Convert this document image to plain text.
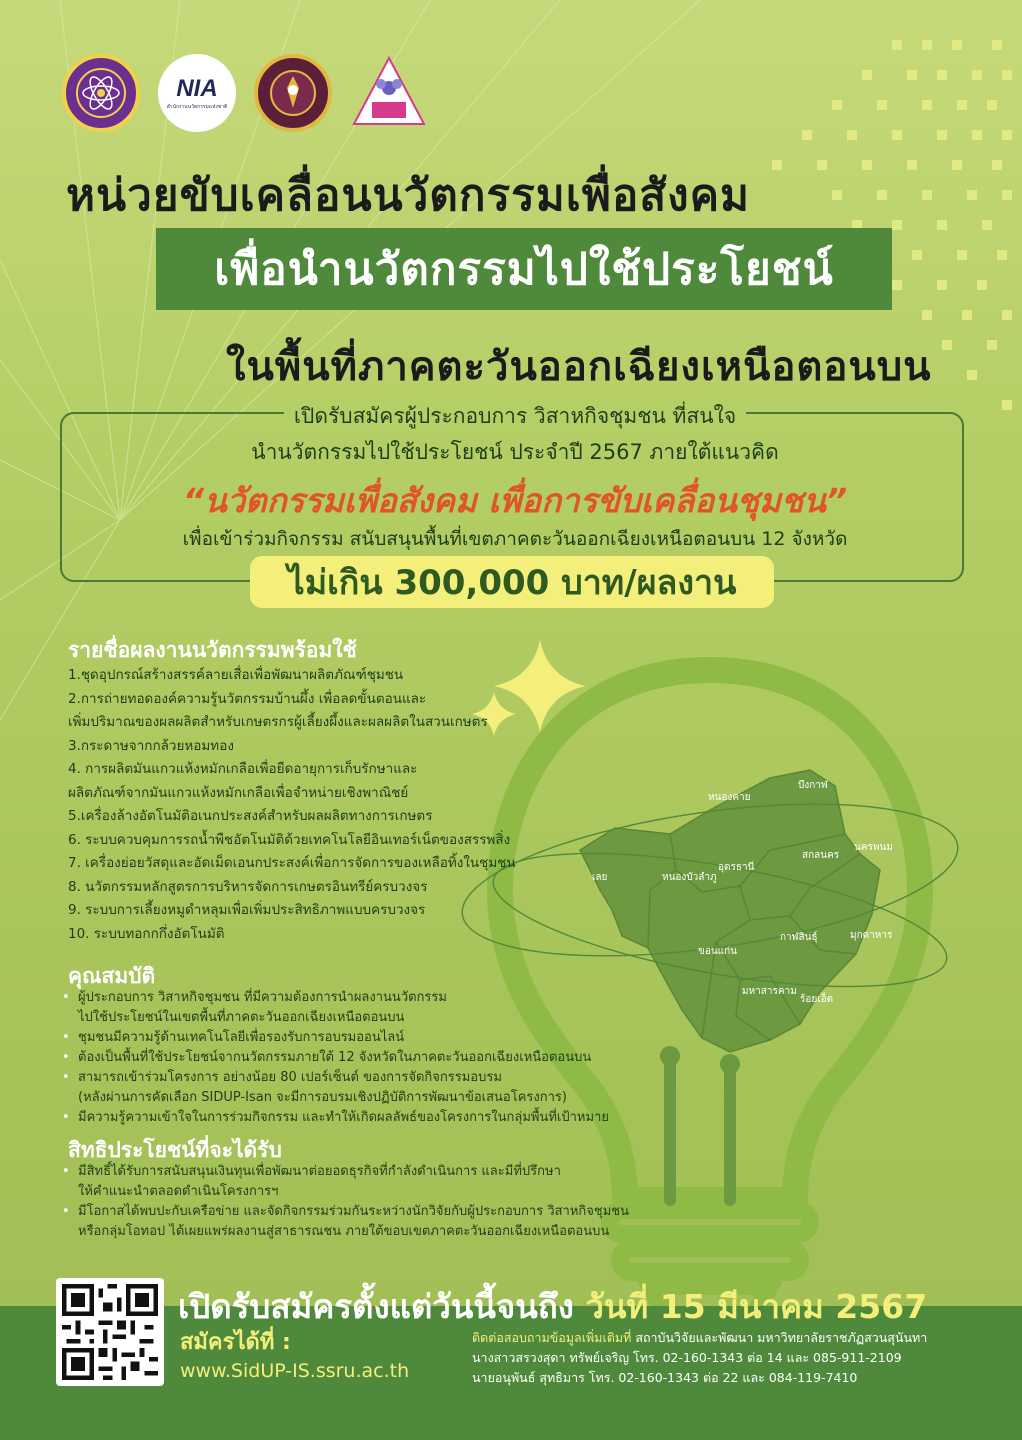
NIA
สำนักงานนวัตกรรมแห่งชาติ
หน่วยขับเคลื่อนนวัตกรรมเพื่อสังคม
เพื่อนำนวัตกรรมไปใช้ประโยชน์
ในพื้นที่ภาคตะวันออกเฉียงเหนือตอนบน
เปิดรับสมัครผู้ประกอบการ วิสาหกิจชุมชน ที่สนใจ
นำนวัตกรรมไปใช้ประโยชน์ ประจำปี 2567 ภายใต้แนวคิด
“นวัตกรรมเพื่อสังคม เพื่อการขับเคลื่อนชุมชน”
เพื่อเข้าร่วมกิจกรรม สนับสนุนพื้นที่เขตภาคตะวันออกเฉียงเหนือตอนบน 12 จังหวัด
ไม่เกิน 300,000 บาท/ผลงาน
หนองคาย
บึงกาฬ
นครพนม
สกลนคร
อุดรธานี
เลย	หนองบัวลำภู
ขอนแก่น
กาฬสินธุ์	มุกดาหาร
มหาสารคาม
ร้อยเอ็ด
รายชื่อผลงานนวัตกรรมพร้อมใช้
1.ชุดอุปกรณ์สร้างสรรค์ลายเสื่อเพื่อพัฒนาผลิตภัณฑ์ชุมชน
2.การถ่ายทอดองค์ความรู้นวัตกรรมบ้านผึ้ง เพื่อลดขั้นตอนและ
เพิ่มปริมาณของผลผลิตสำหรับเกษตรกรผู้เลี้ยงผึ้งและผลผลิตในสวนเกษตร
3.กระดาษจากกล้วยหอมทอง
4. การผลิตมันแกวแห้งหมักเกลือเพื่อยืดอายุการเก็บรักษาและ
ผลิตภัณฑ์จากมันแกวแห้งหมักเกลือเพื่อจำหน่ายเชิงพาณิชย์
5.เครื่องล้างอัตโนมัติอเนกประสงค์สำหรับผลผลิตทางการเกษตร
6. ระบบควบคุมการรถน้ำพืชอัตโนมัติด้วยเทคโนโลยีอินเทอร์เน็ตของสรรพสิ่ง
7. เครื่องย่อยวัสดุและอัดเม็ดเอนกประสงค์เพื่อการจัดการของเหลือทิ้งในชุมชน
8. นวัตกรรมหลักสูตรการบริหารจัดการเกษตรอินทรีย์ครบวงจร
9. ระบบการเลี้ยงหมูดำหลุมเพื่อเพิ่มประสิทธิภาพแบบครบวงจร
10. ระบบทอกกกึ่งอัตโนมัติ
คุณสมบัติ
• ผู้ประกอบการ วิสาหกิจชุมชน ที่มีความต้องการนำผลงานนวัตกรรม
ไปใช้ประโยชน์ในเขตพื้นที่ภาคตะวันออกเฉียงเหนือตอนบน
• ชุมชนมีความรู้ด้านเทคโนโลยีเพื่อรองรับการอบรมออนไลน์
• ต้องเป็นพื้นที่ใช้ประโยชน์จากนวัตกรรมภายใต้ 12 จังหวัดในภาคตะวันออกเฉียงเหนือตอนบน
• สามารถเข้าร่วมโครงการ อย่างน้อย 80 เปอร์เซ็นต์ ของการจัดกิจกรรมอบรม
(หลังผ่านการคัดเลือก SIDUP-Isan จะมีการอบรมเชิงปฏิบัติการพัฒนาข้อเสนอโครงการ)
• มีความรู้ความเข้าใจในการร่วมกิจกรรม และทำให้เกิดผลลัพธ์ของโครงการในกลุ่มพื้นที่เป้าหมาย
สิทธิประโยชน์ที่จะได้รับ
• มีสิทธิ์ได้รับการสนับสนุนเงินทุนเพื่อพัฒนาต่อยอดธุรกิจที่กำลังดำเนินการ และมีที่ปรึกษา
ให้คำแนะนำตลอดดำเนินโครงการฯ
• มีโอกาสได้พบปะกับเครือข่าย และจัดกิจกรรมร่วมกันระหว่างนักวิจัยกับผู้ประกอบการ วิสาหกิจชุมชน
หรือกลุ่มโอทอป ได้เผยแพร่ผลงานสู่สาธารณชน ภายใต้ขอบเขตภาคตะวันออกเฉียงเหนือตอนบน
เปิดรับสมัครตั้งแต่วันนี้จนถึง วันที่ 15 มีนาคม 2567
สมัครได้ที่ :
www.SidUP-IS.ssru.ac.th
ติดต่อสอบถามข้อมูลเพิ่มเติมที่ สถาบันวิจัยและพัฒนา มหาวิทยาลัยราชภัฏสวนสุนันทา
นางสาวสรวงสุดา ทรัพย์เจริญ โทร. 02-160-1343 ต่อ 14 และ 085-911-2109
นายอนุพันธ์ สุทธิมาร โทร. 02-160-1343 ต่อ 22 และ 084-119-7410
